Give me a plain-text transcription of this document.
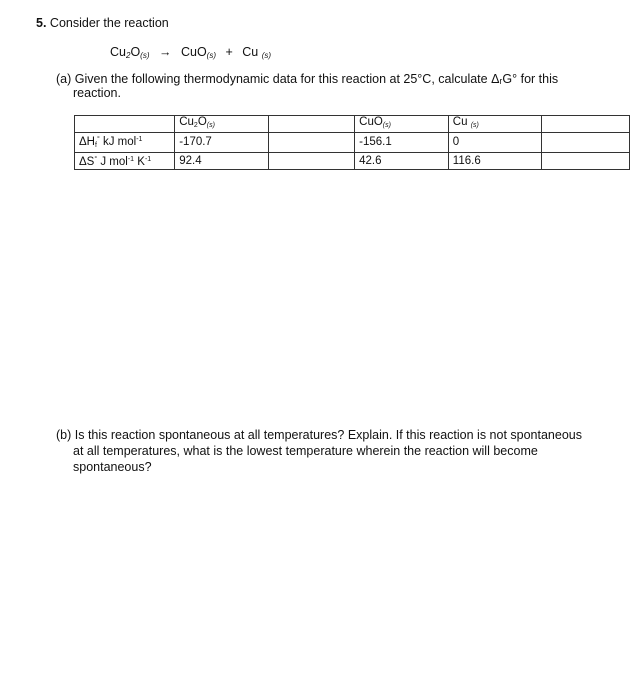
5. Consider the reaction
Cu2O(s) → CuO(s) + Cu (s)
(a) Given the following thermodynamic data for this reaction at 25°C, calculate ΔᵣG° for this
reaction.
	$Cu_2O(s)$		CuO(s)	Cu (s)	
$\Delta H_f^\circ$ kJ mol$^{-1}$	-170.7		-156.1	0	
ΔS° J mol$^{-1}$ $K^{-1}$	92.4		42.6	116.6	
(b) Is this reaction spontaneous at all temperatures? Explain. If this reaction is not spontaneous
at all temperatures, what is the lowest temperature wherein the reaction will become
spontaneous?
